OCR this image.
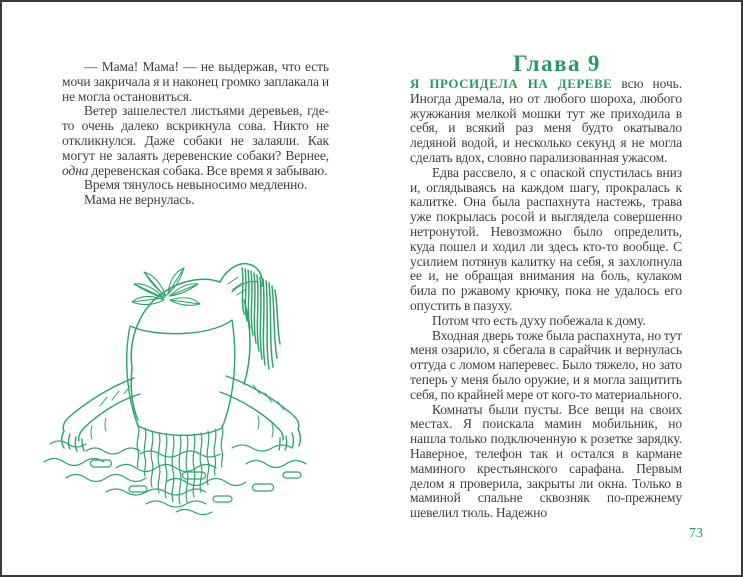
— Мама! Мама! — не выдержав, что есть мочи закричала я и наконец громко заплакала и не могла остановиться.

Ветер зашелестел листьями деревьев, где-то очень далеко вскрикнула сова. Никто не откликнулся. Даже собаки не залаяли. Как могут не залаять деревенские собаки? Вернее, одна деревенская собака. Все время я забываю.

Время тянулось невыносимо медленно.

Мама не вернулась.

Глава 9

Я ПРОСИДЕЛА НА ДЕРЕВЕ всю ночь. Иногда дремала, но от любого шороха, любого жужжания мелкой мошки тут же приходила в себя, и всякий раз меня будто окатывало ледяной водой, и несколько секунд я не могла сделать вдох, словно парализованная ужасом.

Едва рассвело, я с опаской спустилась вниз и, оглядываясь на каждом шагу, прокралась к калитке. Она была распахнута настежь, трава уже покрылась росой и выглядела совершенно нетронутой. Невозможно было определить, куда пошел и ходил ли здесь кто-то вообще. С усилием потянув калитку на себя, я захлопнула ее и, не обращая внимания на боль, кулаком била по ржавому крючку, пока не удалось его опустить в пазуху.

Потом что есть духу побежала к дому.

Входная дверь тоже была распахнута, но тут меня озарило, я сбегала в сарайчик и вернулась оттуда с ломом наперевес. Было тяжело, но зато теперь у меня было оружие, и я могла защитить себя, по крайней мере от кого-то материального.

Комнаты были пусты. Все вещи на своих местах. Я поискала мамин мобильник, но нашла только подключенную к розетке зарядку. Наверное, телефон так и остался в кармане маминого крестьянского сарафана. Первым делом я проверила, закрыты ли окна. Только в маминой спальне сквозняк по-прежнему шевелил тюль. Надежно

73
